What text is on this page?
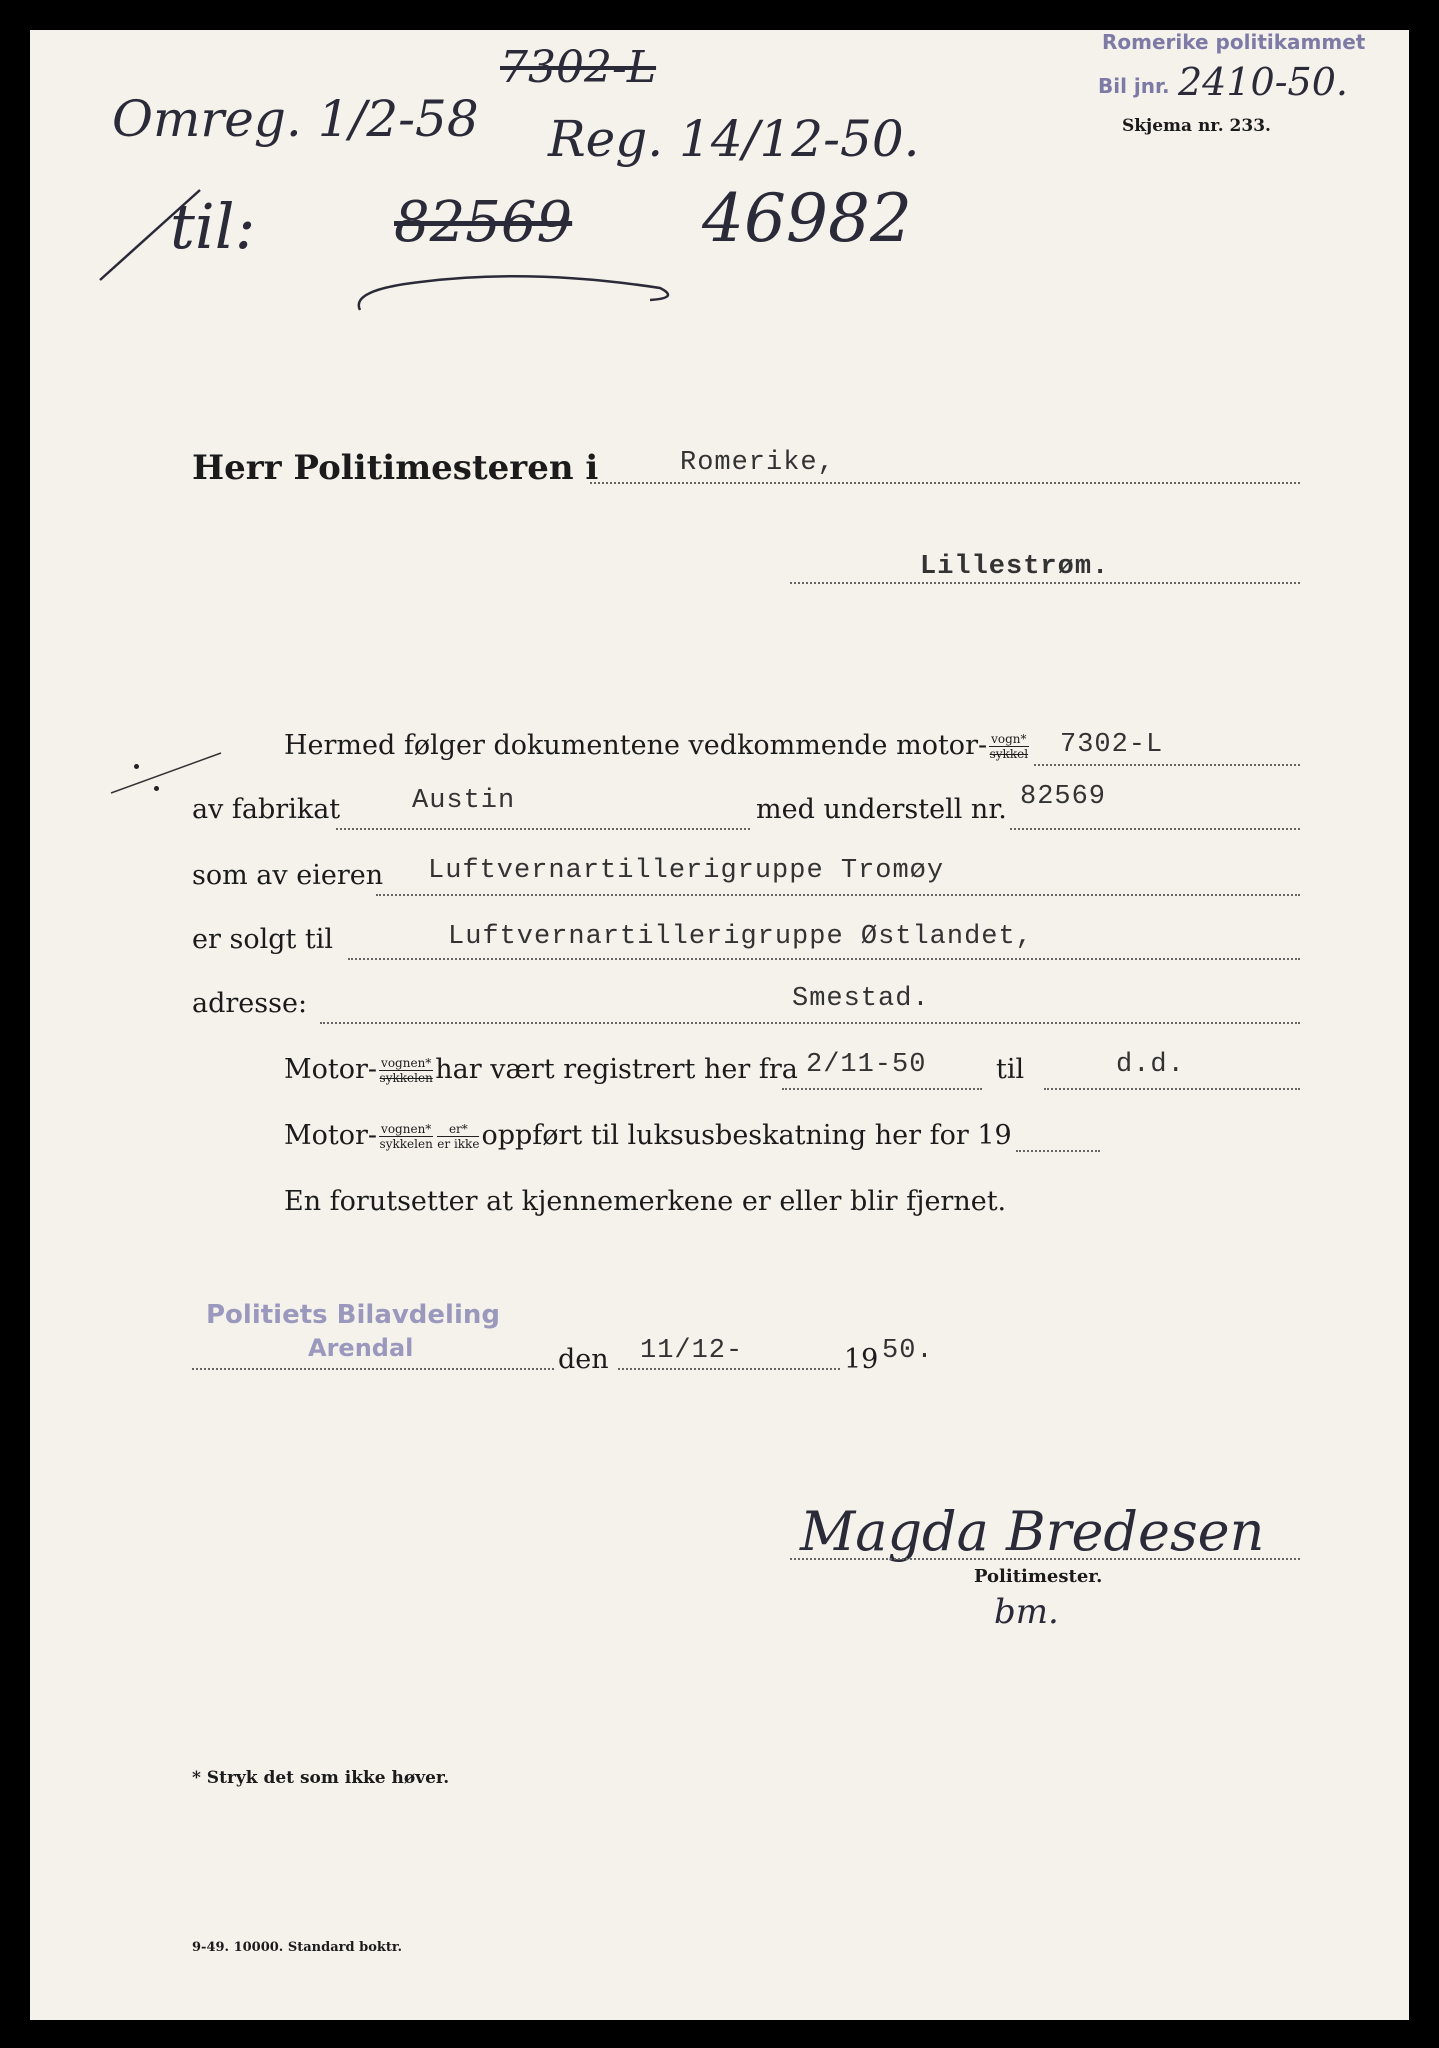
Romerike politikammet
Bil jnr. 2410-50.
Skjema nr. 233.
7302-L
Omreg. 1/2-58 Reg. 14/12-50.
til: 82569 46982
Herr Politimesteren i	Romerike,
Lillestrøm.
Hermed følger dokumentene vedkommende motor- $\frac{\text{vogn*}}{\text{sykkel}} 7302-L$
av fabrikat	Austin	med understell nr. 82569
som av eieren Luftvernartillerigruppe Tromøy
er solgt til	Luftvernartillerigruppe Østlandet,
adresse:	Smestad.
Motor- $\frac{\text{vognen*}}{\text{sykkelen}}$ har vært registrert her fra 2/11-50	til	d.d.
Motor- $\frac{\text{vognen*}}{\text{sykkelen}} \frac{er*}{\text{er ikke}}$ oppført til luksusbeskatning her for 19
En forutsetter at kjennemerkene er eller blir fjernet.
Politiets Bilavdeling
Arendal	den 11/12-	19 50.
Magda Bredesen
Politimester.
bm.
* Stryk det som ikke høver.
9-49. 10000. Standard boktr.
